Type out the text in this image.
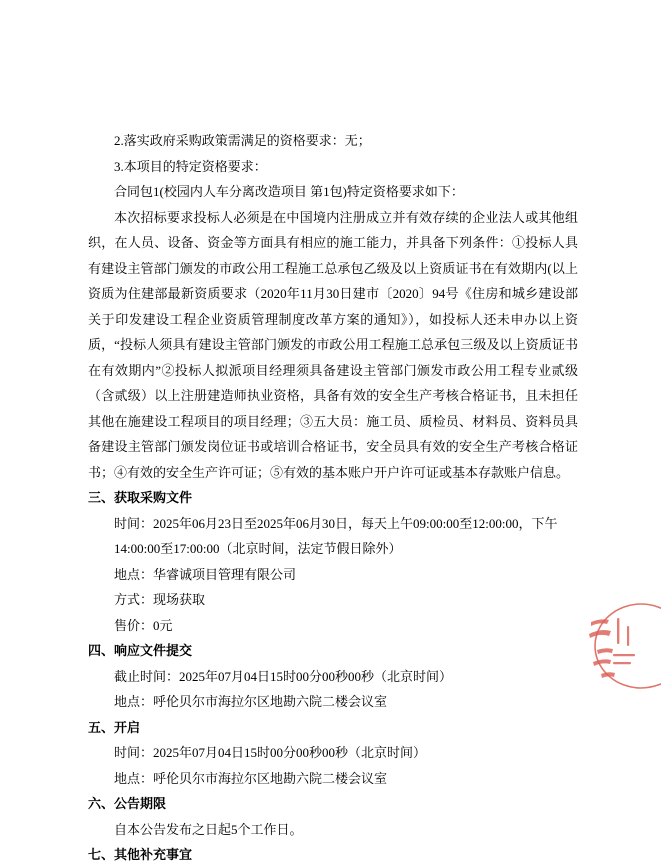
2.落实政府采购政策需满足的资格要求：无；

3.本项目的特定资格要求：

合同包1(校园内人车分离改造项目 第1包)特定资格要求如下：

本次招标要求投标人必须是在中国境内注册成立并有效存续的企业法人或其他组织，在人员、设备、资金等方面具有相应的施工能力，并具备下列条件：①投标人具有建设主管部门颁发的市政公用工程施工总承包乙级及以上资质证书在有效期内(以上资质为住建部最新资质要求（2020年11月30日建市〔2020〕94号《住房和城乡建设部关于印发建设工程企业资质管理制度改革方案的通知》），如投标人还未申办以上资质，“投标人须具有建设主管部门颁发的市政公用工程施工总承包三级及以上资质证书在有效期内”②投标人拟派项目经理须具备建设主管部门颁发市政公用工程专业贰级（含贰级）以上注册建造师执业资格，具备有效的安全生产考核合格证书，且未担任其他在施建设工程项目的项目经理；③五大员：施工员、质检员、材料员、资料员具备建设主管部门颁发岗位证书或培训合格证书，安全员具有效的安全生产考核合格证书；④有效的安全生产许可证；⑤有效的基本账户开户许可证或基本存款账户信息。

三、获取采购文件

时间：2025年06月23日至2025年06月30日，每天上午09:00:00至12:00:00，下午14:00:00至17:00:00（北京时间，法定节假日除外）

地点：华睿诚项目管理有限公司

方式：现场获取

售价：0元

四、响应文件提交

截止时间：2025年07月04日15时00分00秒00秒（北京时间）

地点：呼伦贝尔市海拉尔区地勘六院二楼会议室

五、开启

时间：2025年07月04日15时00分00秒00秒（北京时间）

地点：呼伦贝尔市海拉尔区地勘六院二楼会议室

六、公告期限

自本公告发布之日起5个工作日。

七、其他补充事宜
